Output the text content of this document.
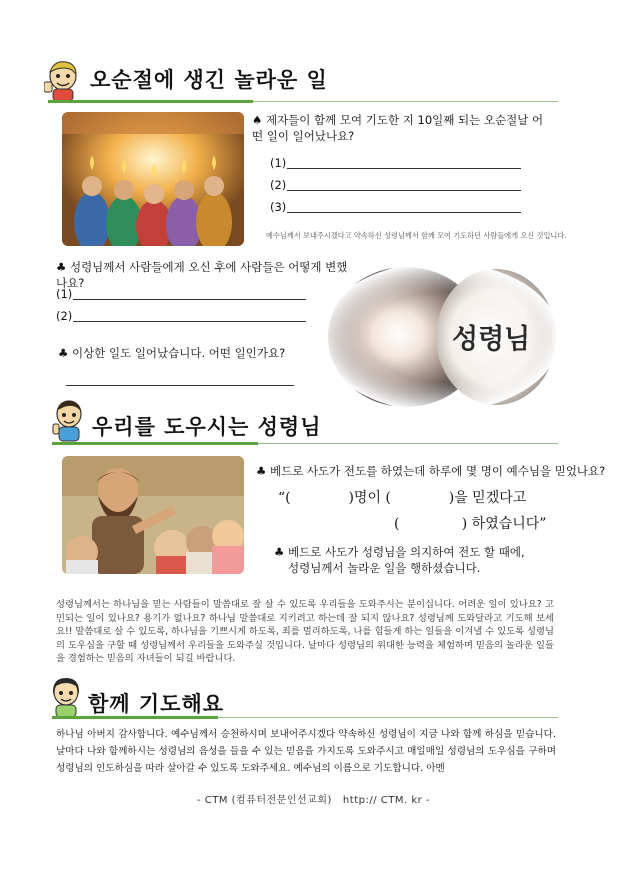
오순절에 생긴 놀라운 일
♠ 제자들이 함께 모여 기도한 지 10일째 되는 오순절날 어떤 일이 일어났나요?
(1)
(2)
(3)
예수님께서 보내주시겠다고 약속하신 성령님께서 함께 모여 기도하던 사람들에게 오신 것입니다.
♣ 성령님께서 사람들에게 오신 후에 사람들은 어떻게 변했나요?
(1)
(2)
♣ 이상한 일도 일어났습니다. 어떤 일인가요?	성령님
우리를 도우시는 성령님
♣ 베드로 사도가 전도를 하였는데 하루에 몇 명이 예수님을 믿었나요?
“(             )명이 (             )을 믿겠다고
(              ) 하였습니다”
♣ 베드로 사도가 성령님을 의지하여 전도 할 때에,
성령님께서 놀라운 일을 행하셨습니다.
성령님께서는 하나님을 믿는 사람들이 말씀대로 잘 살 수 있도록 우리들을 도와주시는 분이십니다. 어려운 일이 있나요? 고민되는 일이 있나요? 용기가 없나요? 하나님 말씀대로 지키려고 하는데 잘 되지 않나요? 성령님께 도와달라고 기도해 보세요!! 말씀대로 살 수 있도록, 하나님을 기쁘시게 하도록, 죄를 멀리하도록, 나를 힘들게 하는 일들을 이겨낼 수 있도록 성령님의 도우심을 구할 때 성령님께서 우리들을 도와주실 것입니다. 날마다 성령님의 위대한 능력을 체험하며 믿음의 놀라운 일들을 경험하는 믿음의 자녀들이 되길 바랍니다.
함께 기도해요
하나님 아버지 감사합니다. 예수님께서 승천하시며 보내어주시겠다 약속하신 성령님이 지금 나와 함께 하심을 믿습니다. 날마다 나와 함께하시는 성령님의 음성을 들을 수 있는 믿음을 가지도록 도와주시고 매일매일 성령님의 도우심을 구하며 성령님의 인도하심을 따라 살아갈 수 있도록 도와주세요. 예수님의 이름으로 기도합니다. 아멘
- CTM (컴퓨터전문인선교회)   http:// CTM. kr -
